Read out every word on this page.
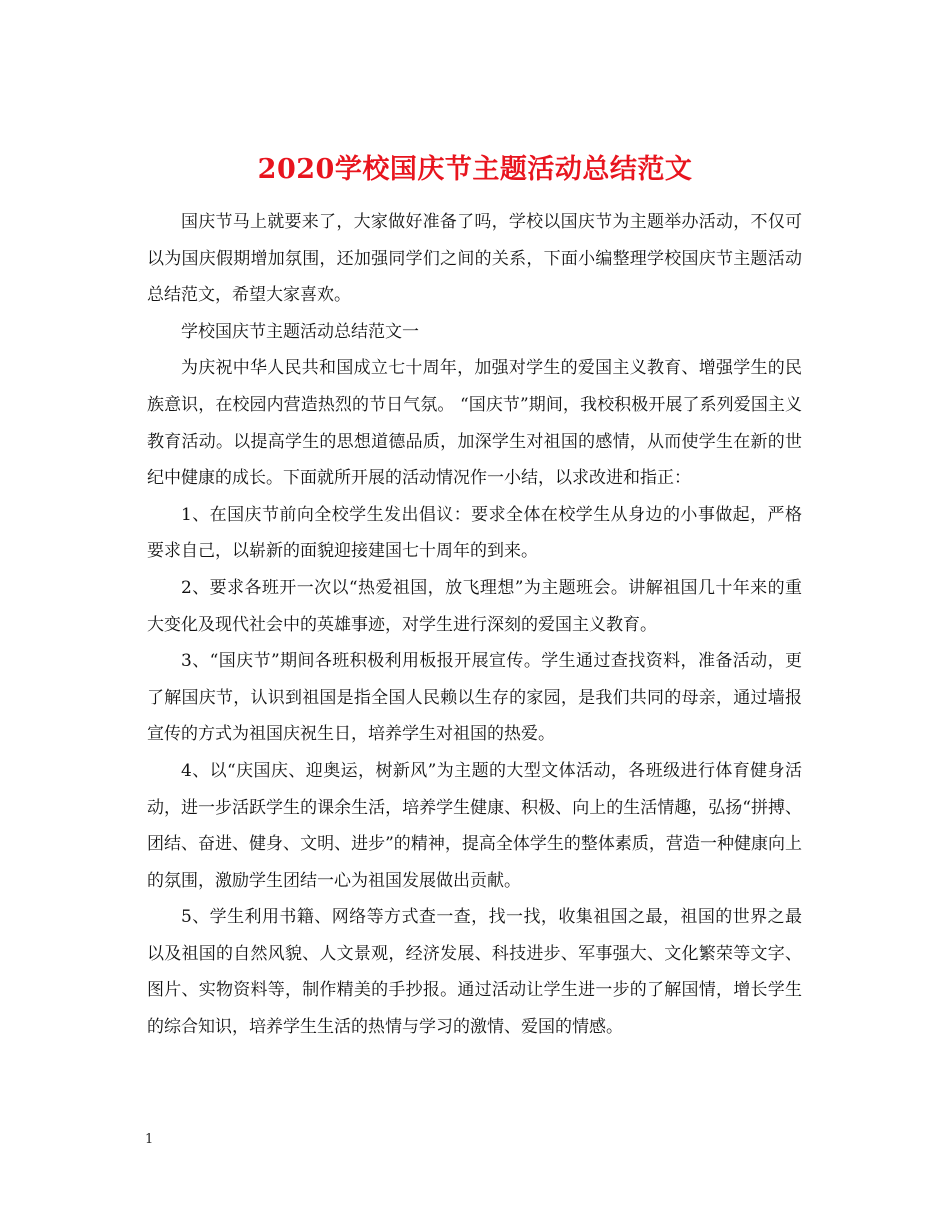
2020学校国庆节主题活动总结范文

国庆节马上就要来了，大家做好准备了吗，学校以国庆节为主题举办活动，不仅可以为国庆假期增加氛围，还加强同学们之间的关系，下面小编整理学校国庆节主题活动总结范文，希望大家喜欢。

学校国庆节主题活动总结范文一

为庆祝中华人民共和国成立七十周年，加强对学生的爱国主义教育、增强学生的民族意识，在校园内营造热烈的节日气氛。 “国庆节”期间，我校积极开展了系列爱国主义教育活动。以提高学生的思想道德品质，加深学生对祖国的感情，从而使学生在新的世纪中健康的成长。下面就所开展的活动情况作一小结，以求改进和指正：

1、在国庆节前向全校学生发出倡议：要求全体在校学生从身边的小事做起，严格要求自己，以崭新的面貌迎接建国七十周年的到来。

2、要求各班开一次以“热爱祖国，放飞理想”为主题班会。讲解祖国几十年来的重大变化及现代社会中的英雄事迹，对学生进行深刻的爱国主义教育。

3、“国庆节”期间各班积极利用板报开展宣传。学生通过查找资料，准备活动，更了解国庆节，认识到祖国是指全国人民赖以生存的家园，是我们共同的母亲，通过墙报宣传的方式为祖国庆祝生日，培养学生对祖国的热爱。

4、以“庆国庆、迎奥运，树新风”为主题的大型文体活动，各班级进行体育健身活动，进一步活跃学生的课余生活，培养学生健康、积极、向上的生活情趣，弘扬“拼搏、团结、奋进、健身、文明、进步”的精神，提高全体学生的整体素质，营造一种健康向上的氛围，激励学生团结一心为祖国发展做出贡献。

5、学生利用书籍、网络等方式查一查，找一找，收集祖国之最，祖国的世界之最以及祖国的自然风貌、人文景观，经济发展、科技进步、军事强大、文化繁荣等文字、图片、实物资料等，制作精美的手抄报。通过活动让学生进一步的了解国情，增长学生的综合知识，培养学生生活的热情与学习的激情、爱国的情感。

1
